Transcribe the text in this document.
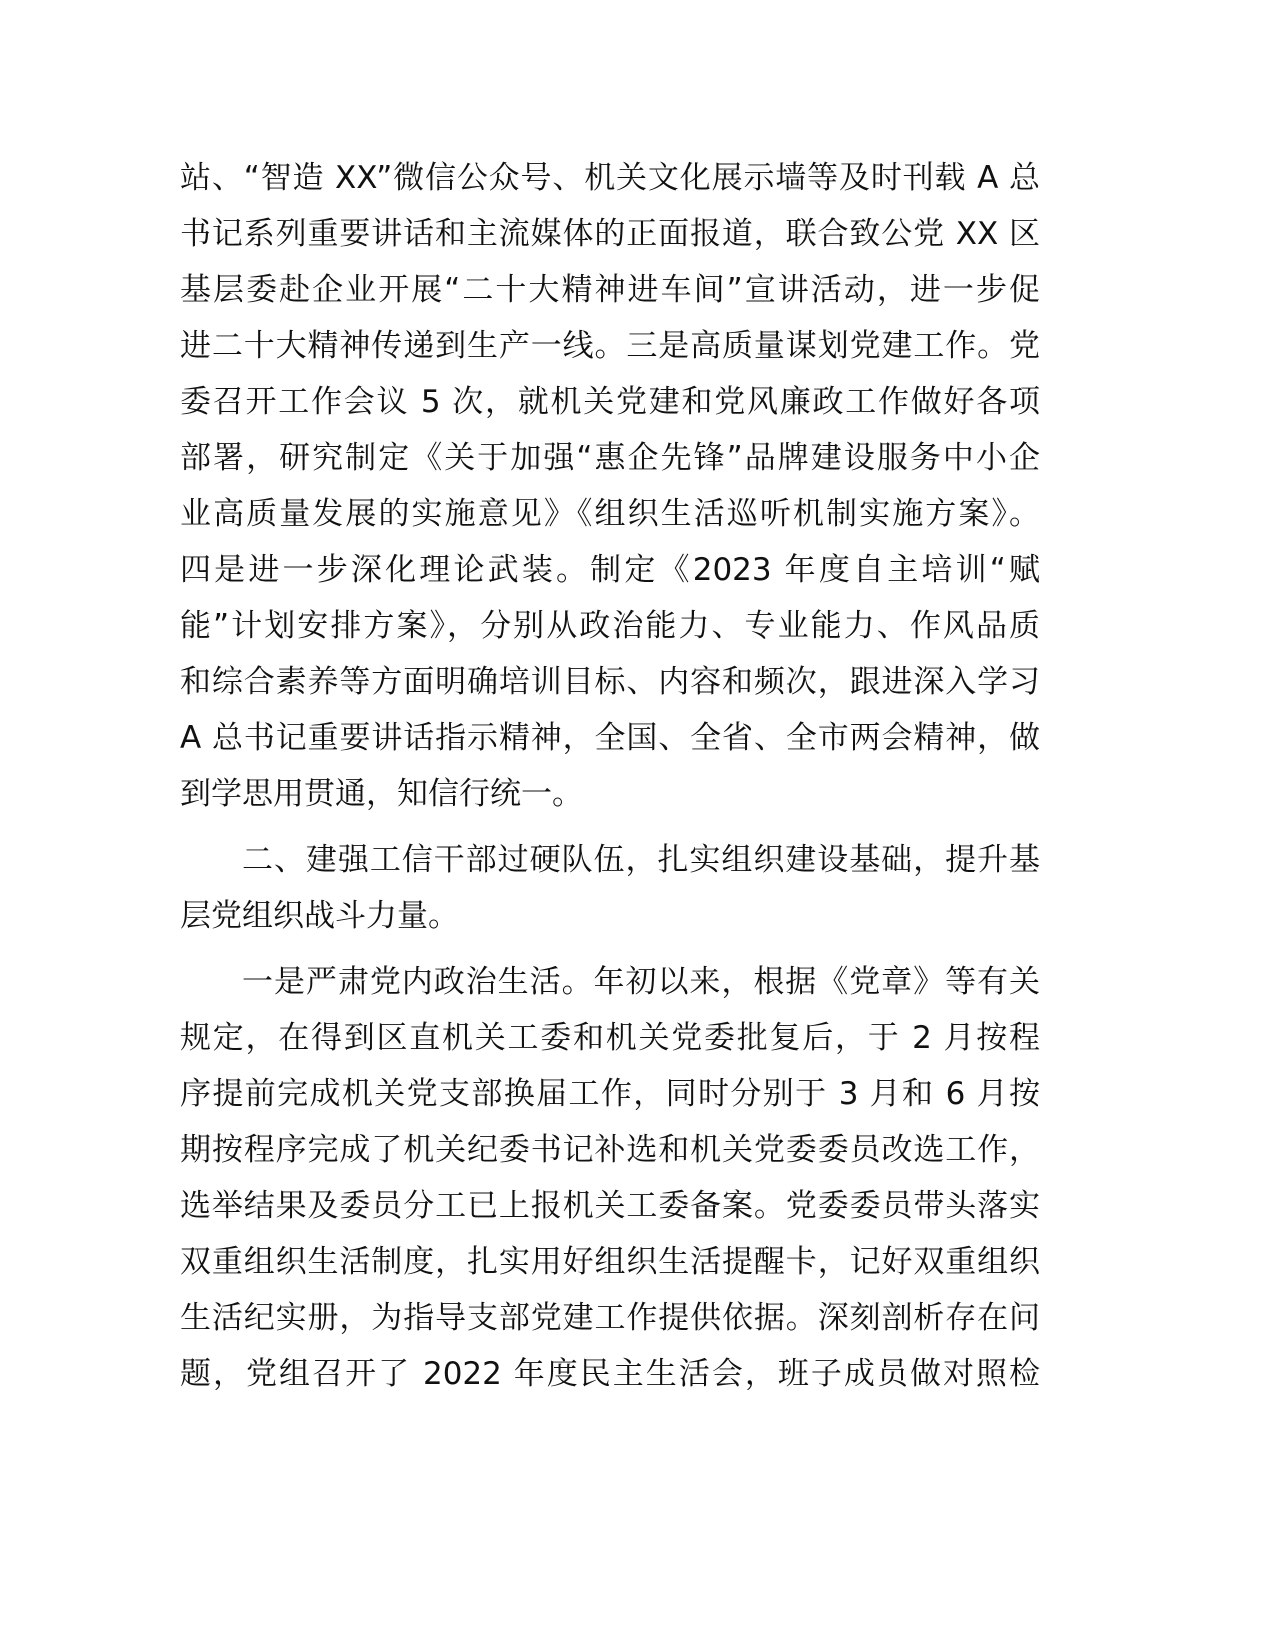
站、“智造 XX”微信公众号、机关文化展示墙等及时刊载 A 总
书记系列重要讲话和主流媒体的正面报道，联合致公党 XX 区
基层委赴企业开展“二十大精神进车间”宣讲活动，进一步促
进二十大精神传递到生产一线。三是高质量谋划党建工作。党
委召开工作会议 5 次，就机关党建和党风廉政工作做好各项
部署，研究制定《关于加强“惠企先锋”品牌建设服务中小企
业高质量发展的实施意见》《组织生活巡听机制实施方案》。
四是进一步深化理论武装。制定《2023 年度自主培训“赋
能”计划安排方案》，分别从政治能力、专业能力、作风品质
和综合素养等方面明确培训目标、内容和频次，跟进深入学习
A 总书记重要讲话指示精神，全国、全省、全市两会精神，做
到学思用贯通，知信行统一。
二、建强工信干部过硬队伍，扎实组织建设基础，提升基
层党组织战斗力量。
一是严肃党内政治生活。年初以来，根据《党章》等有关
规定，在得到区直机关工委和机关党委批复后，于 2 月按程
序提前完成机关党支部换届工作，同时分别于 3 月和 6 月按
期按程序完成了机关纪委书记补选和机关党委委员改选工作，
选举结果及委员分工已上报机关工委备案。党委委员带头落实
双重组织生活制度，扎实用好组织生活提醒卡，记好双重组织
生活纪实册，为指导支部党建工作提供依据。深刻剖析存在问
题，党组召开了 2022 年度民主生活会，班子成员做对照检
